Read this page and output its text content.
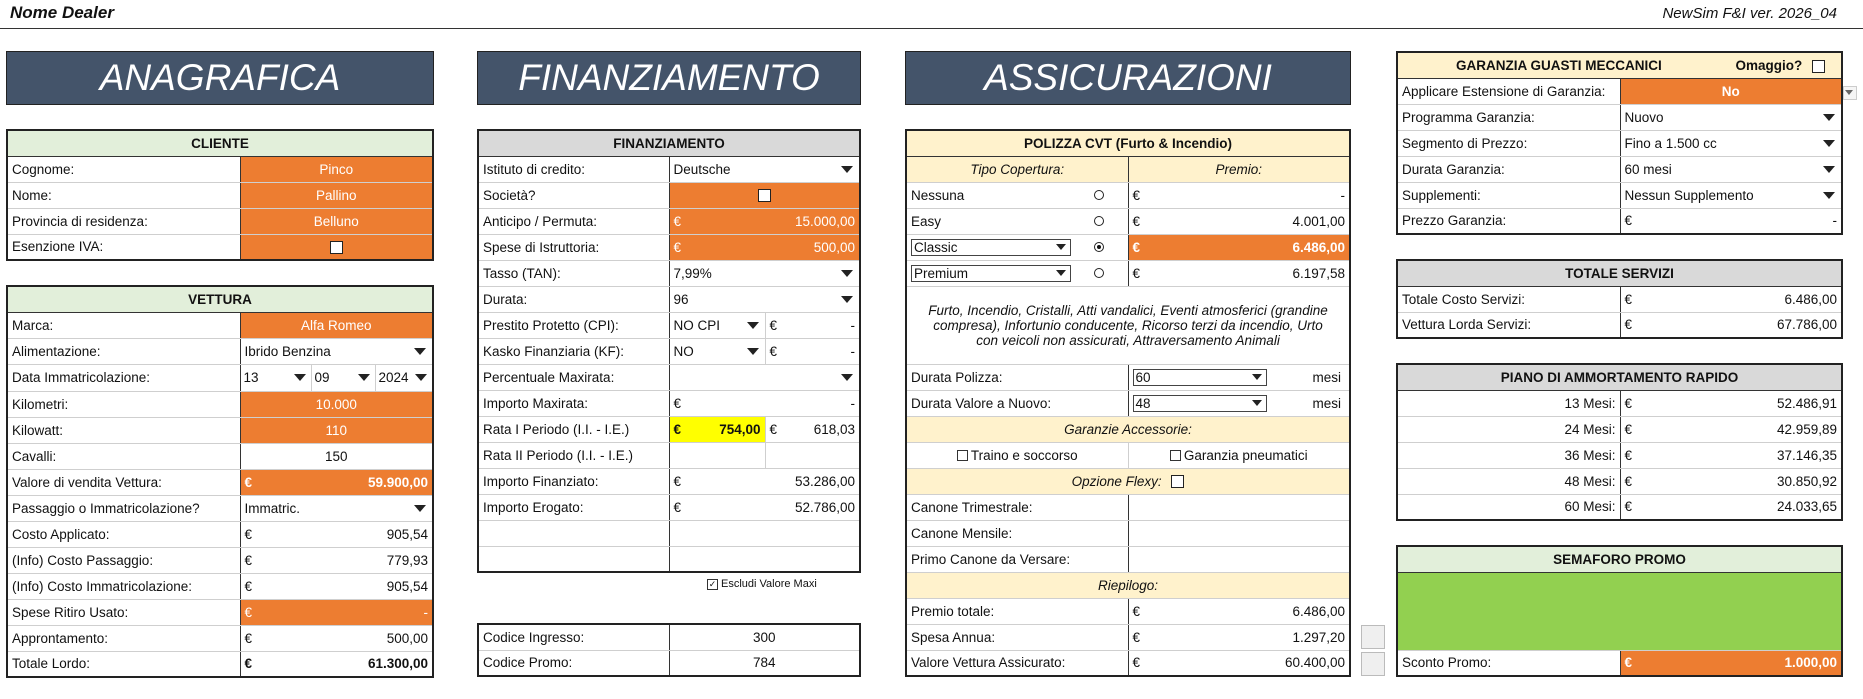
Nome Dealer	NewSim F&I ver. 2026_04
ANAGRAFICA	FINANZIAMENTO	ASSICURAZIONI
CLIENTE	
Cognome:	Pinco
Nome:	Pallino
Provincia di residenza:	Belluno
Esenzione IVA:	
VETTURA	
Marca:	Alfa Romeo
Alimentazione:	Ibrido Benzina

Data Immatricolazione:	13 09 2024

Kilometri:	10.000
Kilowatt:	110
Cavalli:	150
Valore di vendita Vettura:	€ 59.900,00

Passaggio o Immatricolazione?	Immatric.

Costo Applicato:	€ 905,54

(Info) Costo Passaggio:	€ 779,93

(Info) Costo Immatricolazione:	€ 905,54

Spese Ritiro Usato:	€ -

Approntamento:	€ 500,00

Totale Lordo:	€ 61.300,00
FINANZIAMENTO		
Istituto di credito:	Deutsche	

Società?		
Anticipo / Permuta:	€ 15.000,00	

Spese di Istruttoria:	€ 500,00	

Tasso (TAN):	7,99%	

Durata:	96	

Prestito Protetto (CPI):	NO CPI	€ -

Kasko Finanziaria (KF):	NO	€ -

Percentuale Maxirata:		

Importo Maxirata:	€ -	

Rata I Periodo (I.I. - I.E.)	€ 754,00	€ 618,03

Rata II Periodo (I.I. - I.E.)		
Importo Finanziato:	€ 53.286,00	

Importo Erogato:	€ 52.786,00	

✓ Escludi Valore Maxi
Codice Ingresso:	300
Codice Promo:	784
POLIZZA CVT (Furto & Incendio)	
Tipo Copertura:	Premio:

Nessuna	€ -

Easy	€ 4.001,00

Classic	€ 6.486,00

Premium	€ 6.197,58

Furto, Incendio, Cristalli, Atti vandalici, Eventi atmosferici (grandine compresa), Infortunio conducente, Ricorso terzi da incendio, Urto con veicoli non assicurati, Attraversamento Animali	
Durata Polizza:	60 mesi

Durata Valore a Nuovo:	48 mesi

Garanzie Accessorie:	
Traino e soccorso	Garanzia pneumatici
Opzione Flexy:	
Canone Trimestrale:	
Canone Mensile:	
Primo Canone da Versare:	
Riepilogo:	
Premio totale:	€ 6.486,00

Spesa Annua:	€ 1.297,20

Valore Vettura Assicurato:	€ 60.400,00
GARANZIA GUASTI MECCANICI Omaggio?	

Applicare Estensione di Garanzia:	No
Programma Garanzia:	Nuovo

Segmento di Prezzo:	Fino a 1.500 cc

Durata Garanzia:	60 mesi

Supplementi:	Nessun Supplemento

Prezzo Garanzia:	€ -
TOTALE SERVIZI	
Totale Costo Servizi:	€ 6.486,00

Vettura Lorda Servizi:	€ 67.786,00
PIANO DI AMMORTAMENTO RAPIDO	
13 Mesi:	€ 52.486,91

24 Mesi:	€ 42.959,89

36 Mesi:	€ 37.146,35

48 Mesi:	€ 30.850,92

60 Mesi:	€ 24.033,65
SEMAFORO PROMO

Sconto Promo:	€	1.000,00
